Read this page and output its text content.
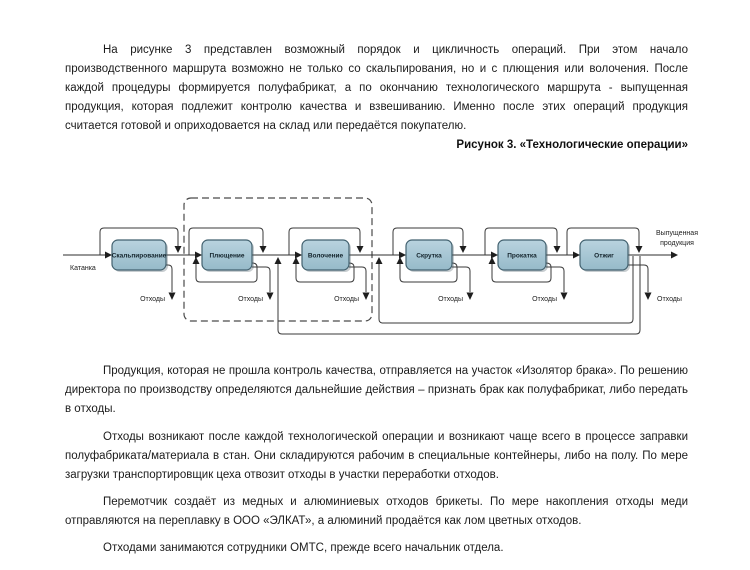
На рисунке 3 представлен возможный порядок и цикличность операций. При этом начало производственного маршрута возможно не только со скальпирования, но и с плющения или волочения. После каждой процедуры формируется полуфабрикат, а по окончанию технологического маршрута - выпущенная продукция, которая подлежит контролю качества и взвешиванию. Именно после этих операций продукция считается готовой и оприходовается на склад или передаётся покупателю.

Рисунок 3. «Технологические операции»

Скальпирование	Плющение	Волочение	Скрутка	Прокатка	Отжиг
Катанка
Выпущенная
продукция
Отходы	Отходы	Отходы	Отходы	Отходы	Отходы

Продукция, которая не прошла контроль качества, отправляется на участок «Изолятор брака». По решению директора по производству определяются дальнейшие действия – признать брак как полуфабрикат, либо передать в отходы.

Отходы возникают после каждой технологической операции и возникают чаще всего в процессе заправки полуфабриката/материала в стан. Они складируются рабочим в специальные контейнеры, либо на полу. По мере загрузки транспортировщик цеха отвозит отходы в участки переработки отходов.

Перемотчик создаёт из медных и алюминиевых отходов брикеты. По мере накопления отходы меди отправляются на переплавку в ООО «ЭЛКАТ», а алюминий продаётся как лом цветных отходов.

Отходами занимаются сотрудники ОМТС, прежде всего начальник отдела.
